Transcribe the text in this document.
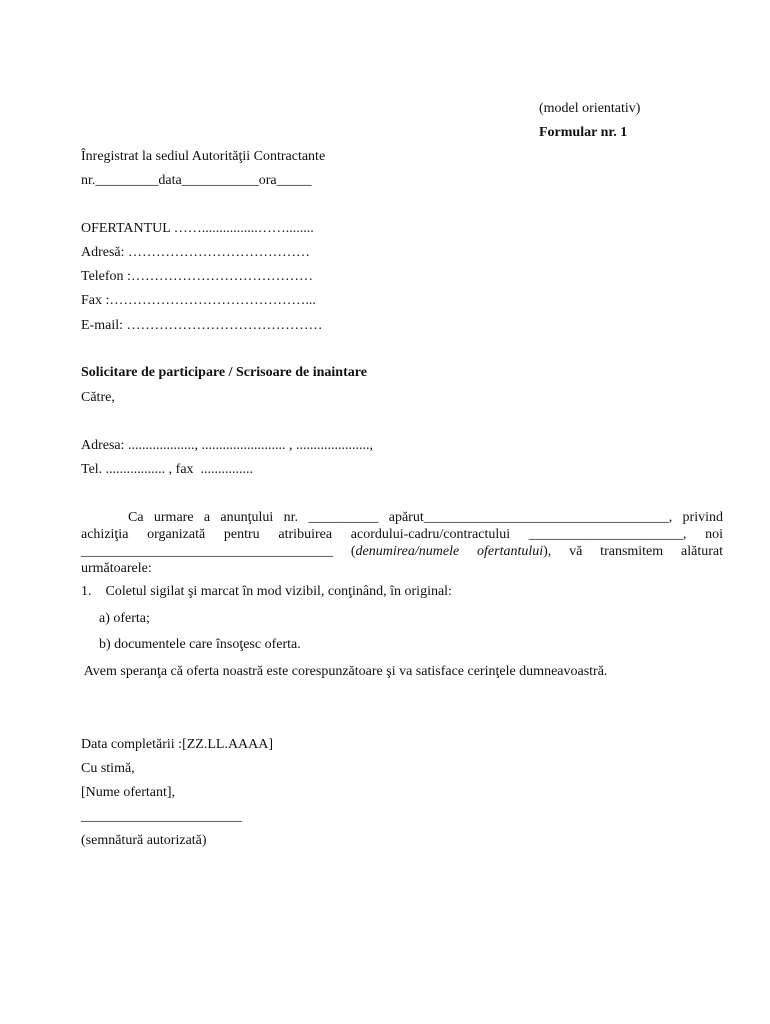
(model orientativ)
Formular nr. 1
Înregistrat la sediul Autorităţii Contractante
nr._________data___________ora_____
OFERTANTUL ……................……........
Adresă: …………………………………
Telefon :…………………………………
Fax :……………………………………...
E-mail: ……………………………………
Solicitare de participare / Scrisoare de inaintare
Către,
Adresa: ..................., ........................ , .....................,
Tel. ................. , fax  ...............
Ca urmare a anunţului nr. __________ apărut___________________________________, privind
achiziţia organizată pentru atribuirea acordului-cadru/contractului ______________________, noi
____________________________________ (denumirea/numele ofertantului), vă transmitem alăturat
următoarele:
1.    Coletul sigilat şi marcat în mod vizibil, conţinând, în original:
a) oferta;
b) documentele care însoţesc oferta.
Avem speranţa că oferta noastră este corespunzătoare şi va satisface cerinţele dumneavoastră.
Data completării :[ZZ.LL.AAAA]
Cu stimă,
[Nume ofertant],
_______________________
(semnătură autorizată)
